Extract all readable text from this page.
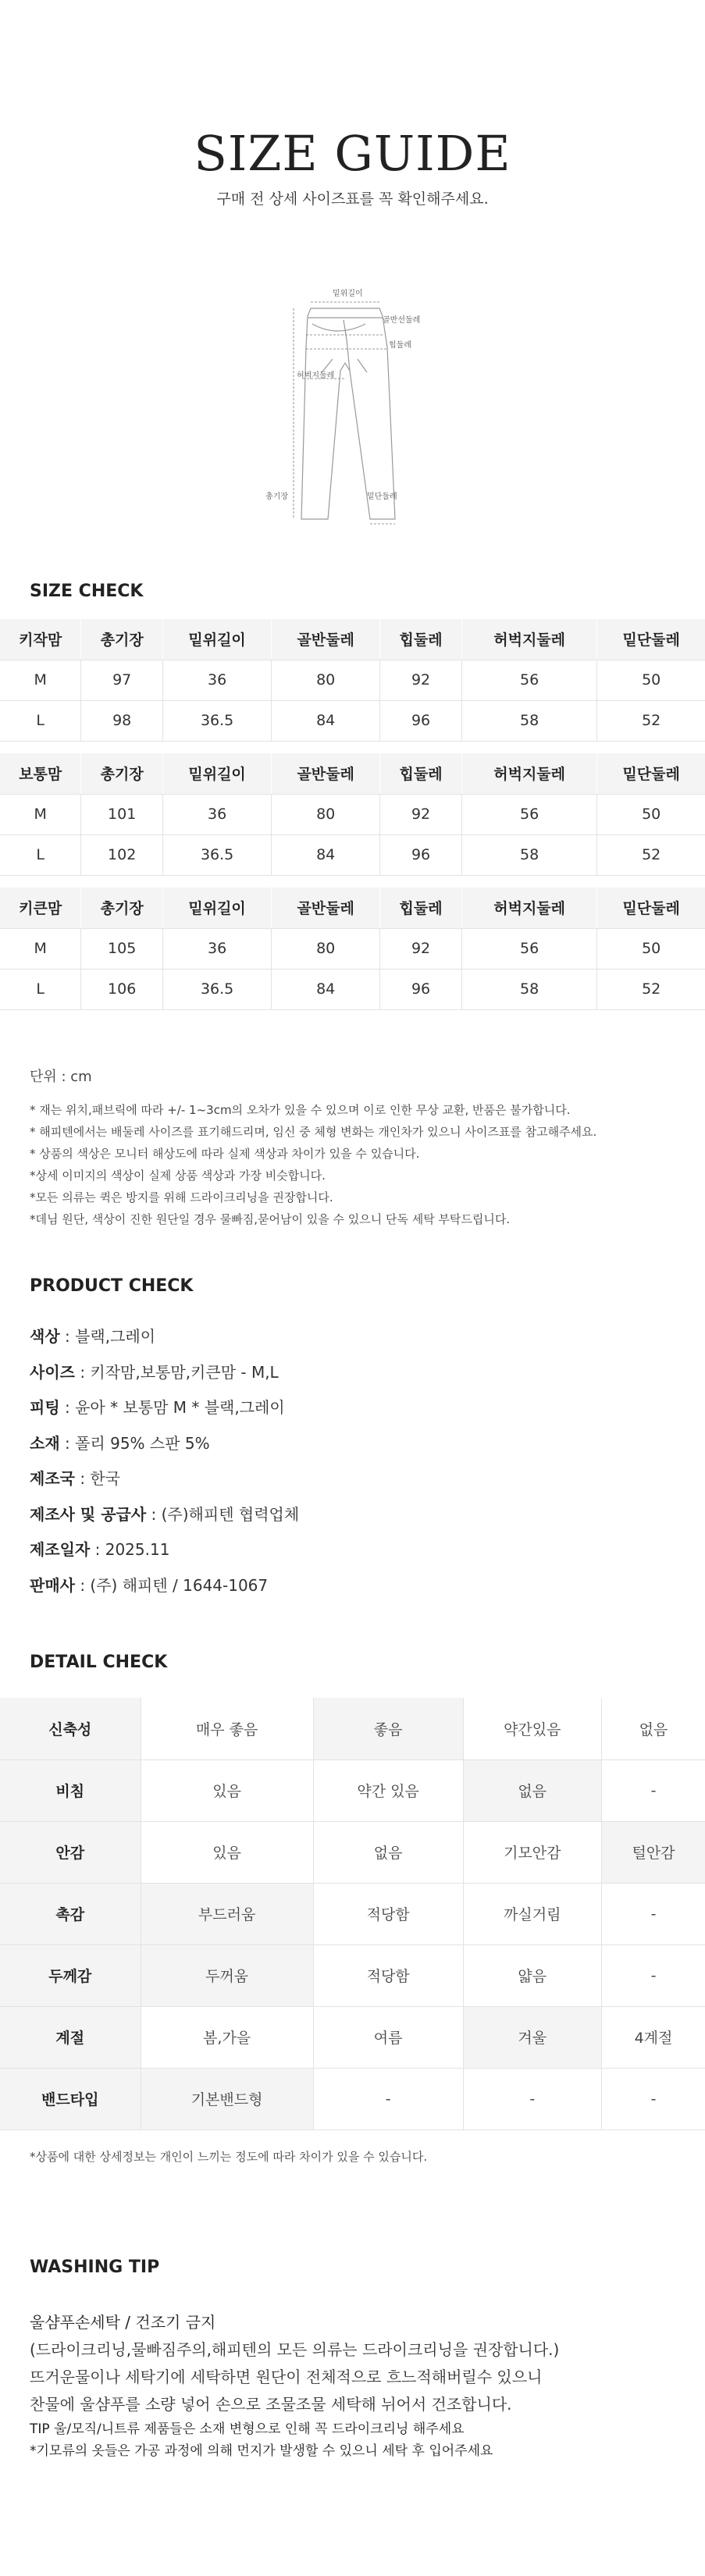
SIZE GUIDE

구매 전 상세 사이즈표를 꼭 확인해주세요.

밑위길이
골반선둘레
힙둘레
허벅지둘레
총기장	밑단둘레
SIZE CHECK
키작맘	총기장	밑위길이	골반둘레	힙둘레	허벅지둘레	밑단둘레
M	97	36	80	92	56	50
L	98	36.5	84	96	58	52
보통맘	총기장	밑위길이	골반둘레	힙둘레	허벅지둘레	밑단둘레
M	101	36	80	92	56	50
L	102	36.5	84	96	58	52
키큰맘	총기장	밑위길이	골반둘레	힙둘레	허벅지둘레	밑단둘레
M	105	36	80	92	56	50
L	106	36.5	84	96	58	52

단위 : cm

* 재는 위치,패브릭에 따라 +/- 1~3cm의 오차가 있을 수 있으며 이로 인한 무상 교환, 반품은 불가합니다.

* 해피텐에서는 배둘레 사이즈를 표기해드리며, 임신 중 체형 변화는 개인차가 있으니 사이즈표를 참고해주세요.

* 상품의 색상은 모니터 해상도에 따라 실제 색상과 차이가 있을 수 있습니다.

*상세 이미지의 색상이 실제 상품 색상과 가장 비슷합니다.

*모든 의류는 퀵은 방지를 위해 드라이크리닝을 권장합니다.

*데님 원단, 색상이 진한 원단일 경우 물빠짐,묻어남이 있을 수 있으니 단독 세탁 부탁드립니다.

PRODUCT CHECK

색상 : 블랙,그레이

사이즈 : 키작맘,보통맘,키큰맘 - M,L

피팅 : 윤아 * 보통맘 M * 블랙,그레이

소재 : 폴리 95% 스판 5%

제조국 : 한국

제조사 및 공급사 : (주)해피텐 협력업체

제조일자 : 2025.11

판매사 : (주) 해피텐 / 1644-1067

DETAIL CHECK
신축성	매우 좋음	좋음	약간있음	없음
비침	있음	약간 있음	없음	-
안감	있음	없음	기모안감	털안감
촉감	부드러움	적당함	까실거림	-
두께감	두꺼움	적당함	얇음	-
계절	봄,가을	여름	겨울	4계절
밴드타입	기본밴드형	-	-	-

*상품에 대한 상세정보는 개인이 느끼는 정도에 따라 차이가 있을 수 있습니다.

WASHING TIP

울샴푸손세탁 / 건조기 금지

(드라이크리닝,물빠짐주의,해피텐의 모든 의류는 드라이크리닝을 권장합니다.)

뜨거운물이나 세탁기에 세탁하면 원단이 전체적으로 흐느적해버릴수 있으니

찬물에 울샴푸를 소량 넣어 손으로 조물조물 세탁해 뉘어서 건조합니다.

TIP 울/모직/니트류 제품들은 소재 변형으로 인해 꼭 드라이크리닝 해주세요

*기모류의 옷들은 가공 과정에 의해 먼지가 발생할 수 있으니 세탁 후 입어주세요
